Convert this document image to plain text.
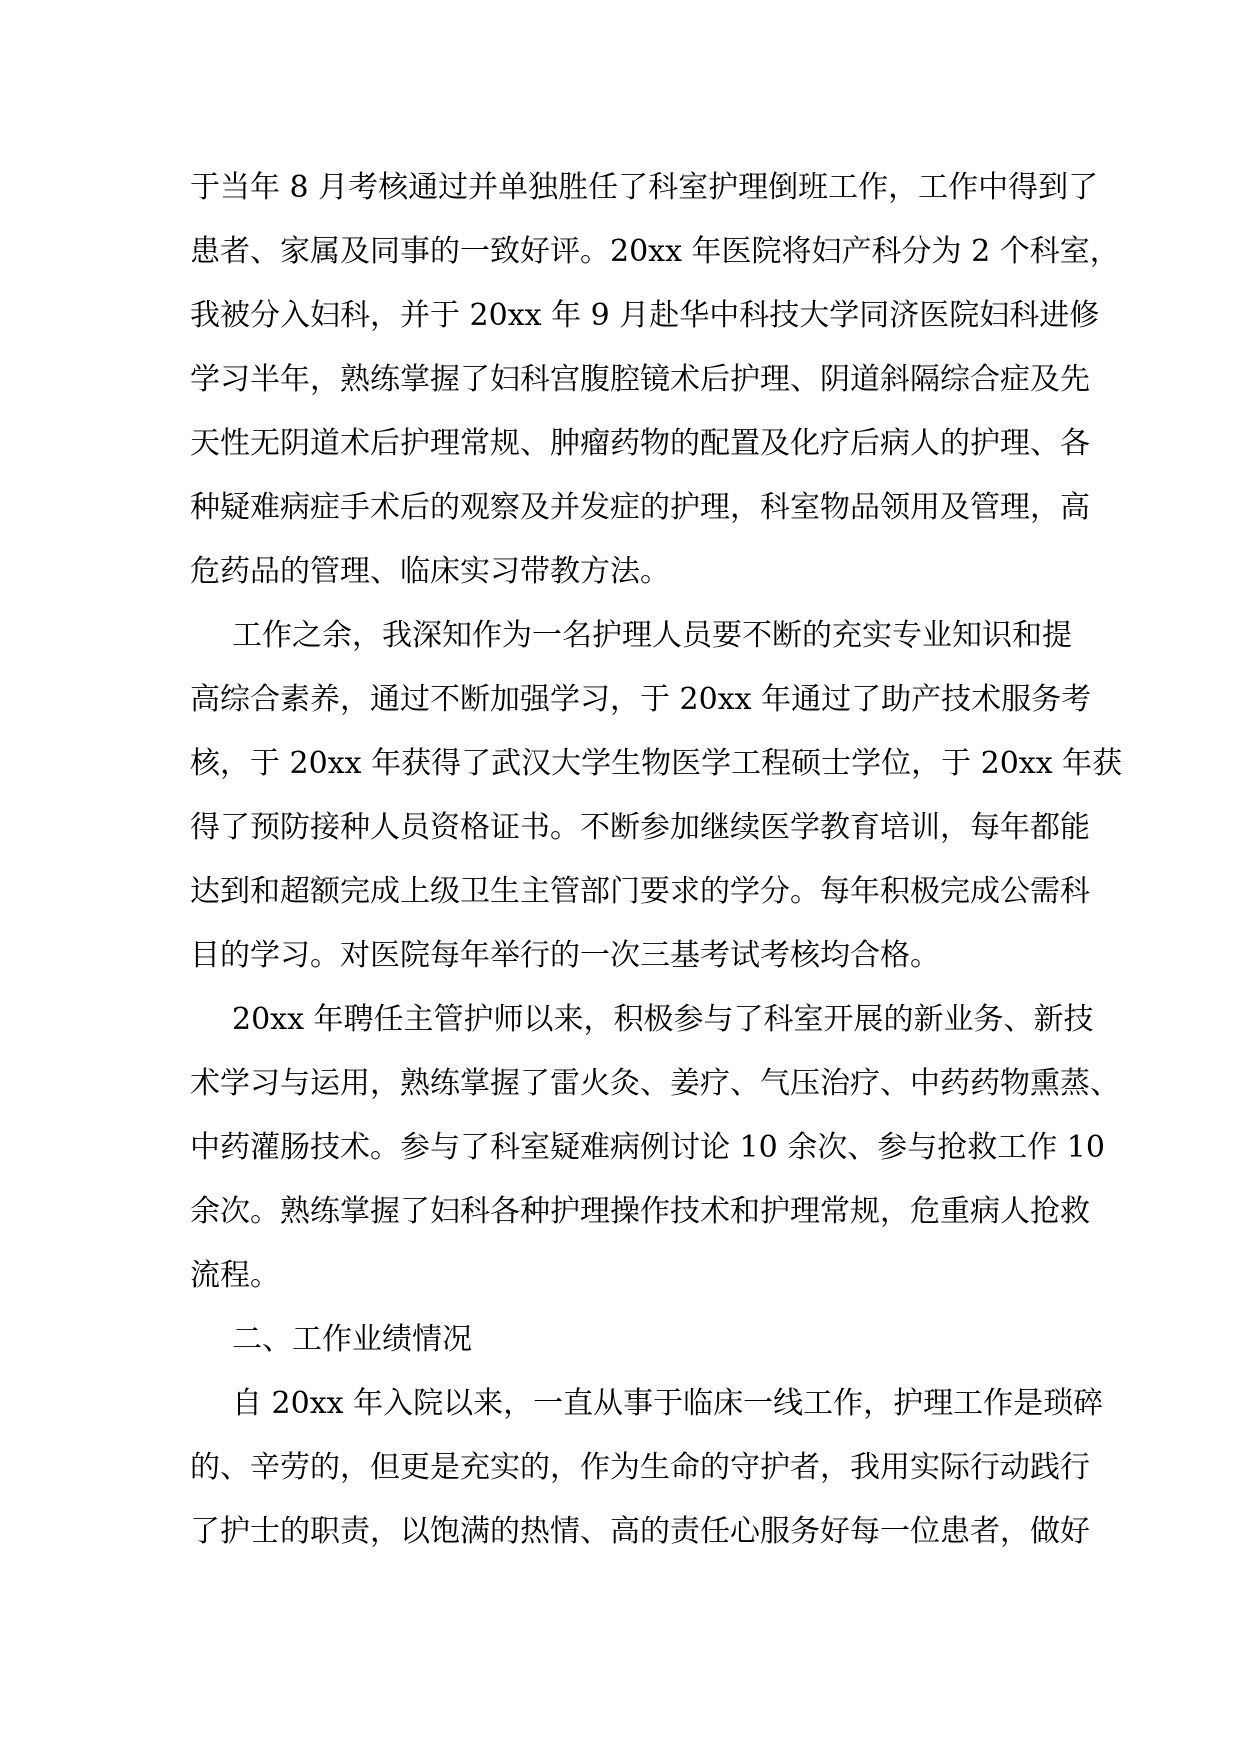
于当年 8 月考核通过并单独胜任了科室护理倒班工作，工作中得到了
患者、家属及同事的一致好评。20xx 年医院将妇产科分为 2 个科室，
我被分入妇科，并于 20xx 年 9 月赴华中科技大学同济医院妇科进修
学习半年，熟练掌握了妇科宫腹腔镜术后护理、阴道斜隔综合症及先
天性无阴道术后护理常规、肿瘤药物的配置及化疗后病人的护理、各
种疑难病症手术后的观察及并发症的护理，科室物品领用及管理，高
危药品的管理、临床实习带教方法。
工作之余，我深知作为一名护理人员要不断的充实专业知识和提
高综合素养，通过不断加强学习，于 20xx 年通过了助产技术服务考
核，于 20xx 年获得了武汉大学生物医学工程硕士学位，于 20xx 年获
得了预防接种人员资格证书。不断参加继续医学教育培训，每年都能
达到和超额完成上级卫生主管部门要求的学分。每年积极完成公需科
目的学习。对医院每年举行的一次三基考试考核均合格。
20xx 年聘任主管护师以来，积极参与了科室开展的新业务、新技
术学习与运用，熟练掌握了雷火灸、姜疗、气压治疗、中药药物熏蒸、
中药灌肠技术。参与了科室疑难病例讨论 10 余次、参与抢救工作 10
余次。熟练掌握了妇科各种护理操作技术和护理常规，危重病人抢救
流程。
二、工作业绩情况
自 20xx 年入院以来，一直从事于临床一线工作，护理工作是琐碎
的、辛劳的，但更是充实的，作为生命的守护者，我用实际行动践行
了护士的职责，以饱满的热情、高的责任心服务好每一位患者，做好
